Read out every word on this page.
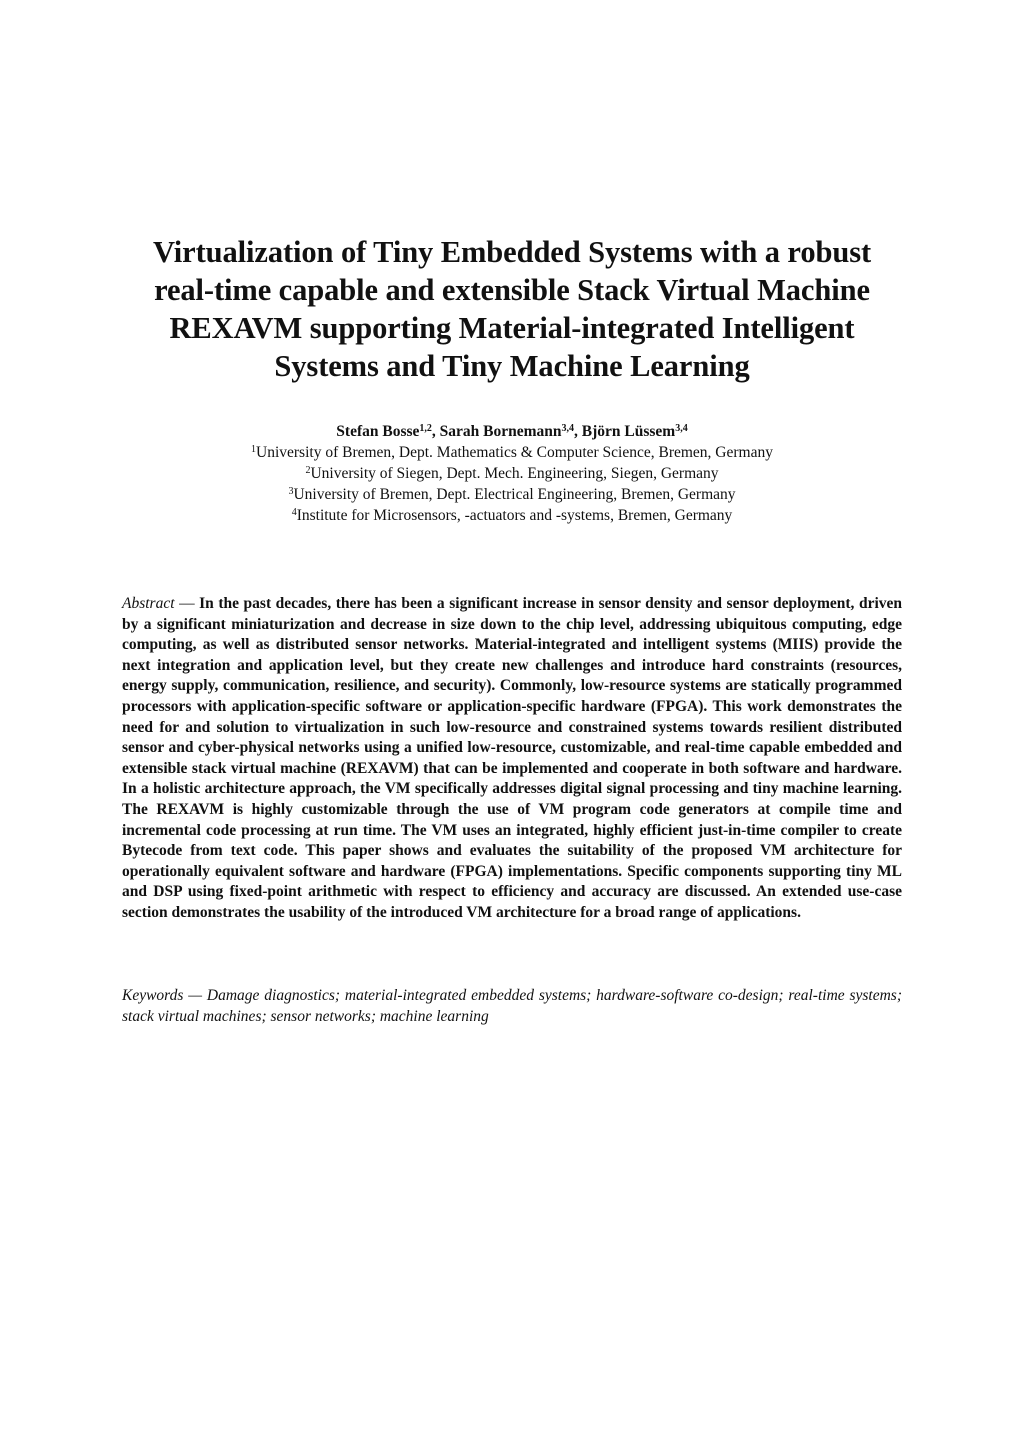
Virtualization of Tiny Embedded Systems with a robust
real-time capable and extensible Stack Virtual Machine
REXAVM supporting Material-integrated Intelligent
Systems and Tiny Machine Learning
Stefan Bosse$^{1,2}$, Sarah Bornemann$^{3,4}$, Björn Lüssem$^{3,4}$
$^1$University of Bremen, Dept. Mathematics & Computer Science, Bremen, Germany
$^2$University of Siegen, Dept. Mech. Engineering, Siegen, Germany
$^3$University of Bremen, Dept. Electrical Engineering, Bremen, Germany
$^4$Institute for Microsensors, -actuators and -systems, Bremen, Germany
Abstract — In the past decades, there has been a significant increase in sensor density and sensor deployment, driven by a significant miniaturization and decrease in size down to the chip level, addressing ubiquitous computing, edge computing, as well as distributed sensor networks. Material-integrated and intelligent systems (MIIS) provide the next integration and application level, but they create new challenges and introduce hard constraints (resources, energy supply, communication, resilience, and security). Commonly, low-resource systems are statically programmed processors with application-specific software or application-specific hardware (FPGA). This work demonstrates the need for and solution to virtualization in such low-resource and constrained systems towards resilient distributed sensor and cyber-physical networks using a unified low-resource, customizable, and real-time capable embedded and extensible stack virtual machine (REXAVM) that can be implemented and cooperate in both software and hardware. In a holistic architecture approach, the VM specifically addresses digital signal processing and tiny machine learning. The REXAVM is highly customizable through the use of VM program code generators at compile time and incremental code processing at run time. The VM uses an integrated, highly efficient just-in-time compiler to create Bytecode from text code. This paper shows and evaluates the suitability of the proposed VM architecture for operationally equivalent software and hardware (FPGA) implementations. Specific components supporting tiny ML and DSP using fixed-point arithmetic with respect to efficiency and accuracy are discussed. An extended use-case section demonstrates the usability of the introduced VM architecture for a broad range of applications.
Keywords — Damage diagnostics; material-integrated embedded systems; hardware-software co-design; real-time systems; stack virtual machines; sensor networks; machine learning
